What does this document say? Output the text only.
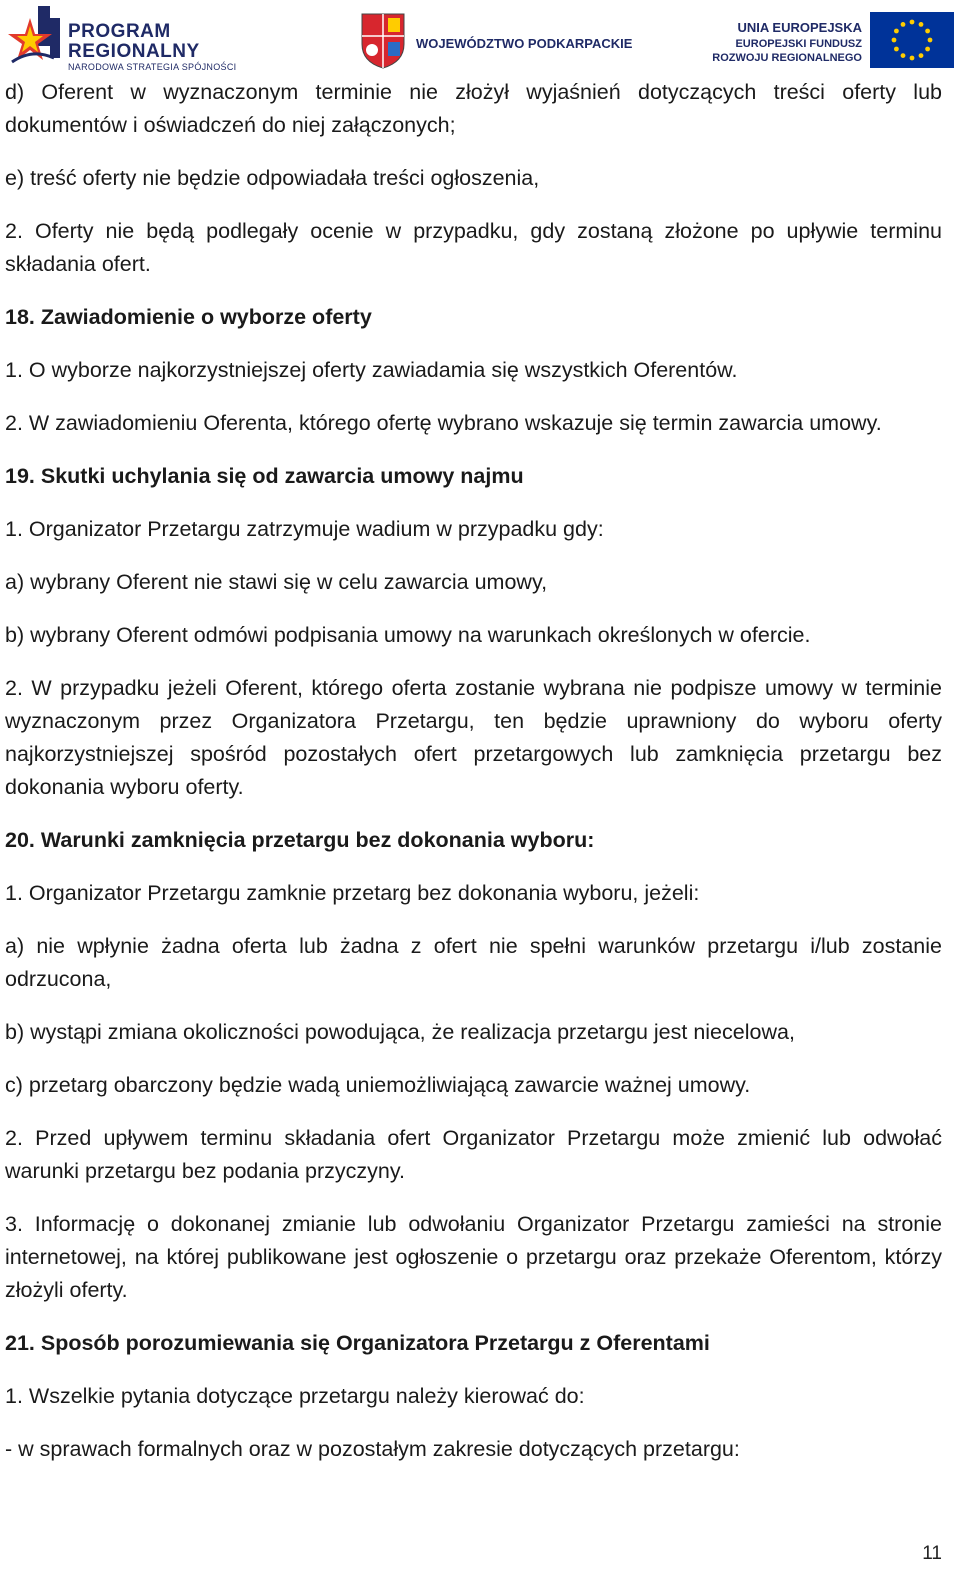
PROGRAM
REGIONALNY
NARODOWA STRATEGIA SPÓJNOŚCI
WOJEWÓDZTWO PODKARPACKIE
UNIA EUROPEJSKA
EUROPEJSKI FUNDUSZ
ROZWOJU REGIONALNEGO

d) Oferent w wyznaczonym terminie nie złożył wyjaśnień dotyczących treści oferty lub dokumentów i oświadczeń do niej załączonych;

e) treść oferty nie będzie odpowiadała treści ogłoszenia,

2. Oferty nie będą podlegały ocenie w przypadku, gdy zostaną złożone po upływie terminu składania ofert.

18. Zawiadomienie o wyborze oferty

1. O wyborze najkorzystniejszej oferty zawiadamia się wszystkich Oferentów.

2. W zawiadomieniu Oferenta, którego ofertę wybrano wskazuje się termin zawarcia umowy.

19. Skutki uchylania się od zawarcia umowy najmu

1. Organizator Przetargu zatrzymuje wadium w przypadku gdy:

a) wybrany Oferent nie stawi się w celu zawarcia umowy,

b) wybrany Oferent odmówi podpisania umowy na warunkach określonych w ofercie.

2. W przypadku jeżeli Oferent, którego oferta zostanie wybrana nie podpisze umowy w terminie wyznaczonym przez Organizatora Przetargu, ten będzie uprawniony do wyboru oferty najkorzystniejszej spośród pozostałych ofert przetargowych lub zamknięcia przetargu bez dokonania wyboru oferty.

20. Warunki zamknięcia przetargu bez dokonania wyboru:

1. Organizator Przetargu zamknie przetarg bez dokonania wyboru, jeżeli:

a) nie wpłynie żadna oferta lub żadna z ofert nie spełni warunków przetargu i/lub zostanie odrzucona,

b) wystąpi zmiana okoliczności powodująca, że realizacja przetargu jest niecelowa,

c) przetarg obarczony będzie wadą uniemożliwiającą zawarcie ważnej umowy.

2. Przed upływem terminu składania ofert Organizator Przetargu może zmienić lub odwołać warunki przetargu bez podania przyczyny.

3. Informację o dokonanej zmianie lub odwołaniu Organizator Przetargu zamieści na stronie internetowej, na której publikowane jest ogłoszenie o przetargu oraz przekaże Oferentom, którzy złożyli oferty.

21. Sposób porozumiewania się Organizatora Przetargu z Oferentami

1. Wszelkie pytania dotyczące przetargu należy kierować do:

- w sprawach formalnych oraz w pozostałym zakresie dotyczących przetargu:

11
